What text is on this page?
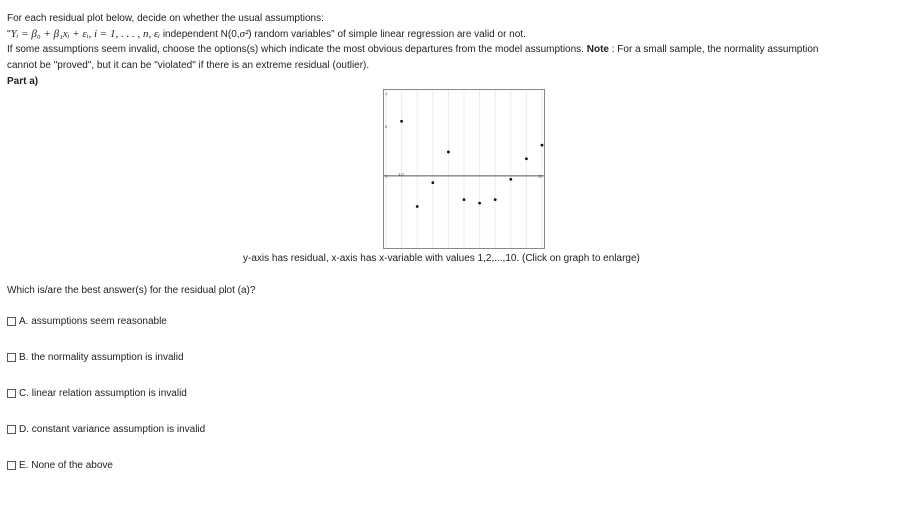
For each residual plot below, decide on whether the usual assumptions:
"Yᵢ = β₀ + β₁xᵢ + εᵢ, i = 1, . . . , n, εᵢ independent N(0,σ²) random variables" of simple linear regression are valid or not.
If some assumptions seem invalid, choose the options(s) which indicate the most obvious departures from the model assumptions. Note : For a small sample, the normality assumption
cannot be "proved", but it can be "violated" if there is an extreme residual (outlier).
Part a)
1
0
1	11
1.0
y-axis has residual, x-axis has x-variable with values 1,2,...,10. (Click on graph to enlarge)
Which is/are the best answer(s) for the residual plot (a)?
A. assumptions seem reasonable
B. the normality assumption is invalid
C. linear relation assumption is invalid
D. constant variance assumption is invalid
E. None of the above
